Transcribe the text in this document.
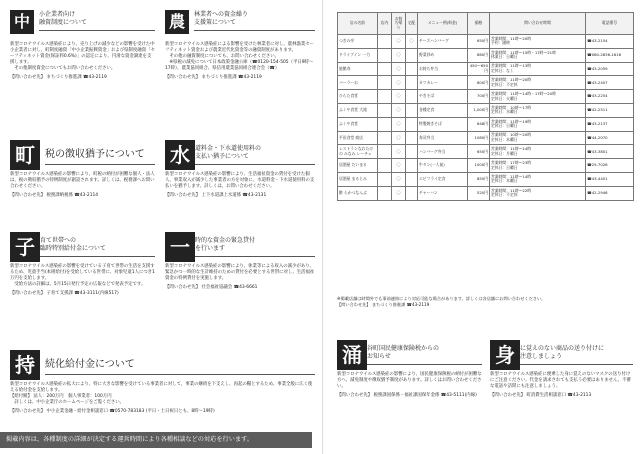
中	小企業者向け
融資制度について
新型コロナウイルス感染症により、売り上げの減少などの影響を受けた中小企業者に対し、町制度融資「中小企業振興資金」および県制度融資「セーフティネット資金(保証料0.6%)」の認定により、円滑な資金調達を支援します。
　その他制度資金についてもお問い合わせください。
【問い合わせ先】 まちづくり推進課 ☎43-2119
農	林業者への資金繰り
支援策について
新型コロナウイルス感染症による影響を受けた林業者に対し、農林漁業セーフティネット資金および農業近代化資金等の融資制度があります。
　その他の融資制度についても、お問い合わせください。
　※県税の減免について日本政策金融公庫（☎0120-154-505（平日9時〜17時）、農業協同組合、県信用農業協同組合連合会（☎）
【問い合わせ先】 まちづくり推進課 ☎43-2119
町	税の徴収猶予について
新型コロナウイルス感染症の影響により、町税の納付が困難な個人・法人は、税の徴収猶予の特例制度が創設されます。詳しくは、税務課へお問い合わせください。
【問い合わせ先】 税務課納税係 ☎43-2114
水 道料金・下水道使用料の
支払い猶予について
新型コロナウイルス感染症の影響により、生活福祉資金の貸付を受けた個人、事業収入が減少した事業者の方を対象に、水道料金・下水道使用料の支払いを猶予します。詳しくは、お問い合わせください。
【問い合わせ先】 上下水道課上水道係 ☎43-2131
子 育て世帯への
臨時特別給付金について
新型コロナウイルス感染症の影響を受けている子育て世帯の生活を支援するため、児童手当(本則給付)を受給している世帯に、対象児童1人につき1万円を支給します。
　受給方法の詳細は、5月15日発行予定の広報などで発表予定です。
【問い合わせ先】 子育て支援課 ☎43-3111(内線517)
一 時的な資金の緊急貸付
を行います
新型コロナウイルス感染症の影響により、休業等による収入の減少があり、緊急かつ一時的な生計維持のための貸付を必要とする世帯に対し、生活福祉資金の特例貸付を実施します。
【問い合わせ先】 社会福祉協議会 ☎43-6661
持	続化給付金について
新型コロナウイルス感染症の拡大により、特に大きな影響を受けている事業者に対して、事業の継続を下支えし、再起の糧とするため、事業全般に広く使える給付金を支給します。
【給付額】 法人：200万円　個人事業者：100万円
　詳しくは、中小企業庁のホームページをご覧ください。
【問い合わせ先】 中小企業金融・給付金相談窓口 ☎0570-783183 (平日・土日祝日とも、8時〜19時)
掲載内容は、各種制度の詳細が決定する運営時間により各種相談などの対応を行います。
店の名前	店内	お持ち帰り	宅配	メニュー例(料金)	価格	問い合わせ時間	電話番号
つきみ亭		〇	〇	チーズハンバーグ	650円	営業時間：11時〜20時
予約：随時	☎43-2154
ドライブイン 一力		〇		野菜炒め	860円	営業時間：11時〜15時・17時〜21時
休業日：日曜日	☎080-2836-1616
旅館寿		〇		お持ち弁当	450〜650円	営業時間：11時〜13時
定休日：なし	☎43-2059
バーラーお		〇		カツカレー	800円	営業時間：11時〜20時
定休日：不定休	☎43-2407
ひらた食堂		〇		やきそば	700円	営業時間：11時〜14時・17時〜20時
定休日：火曜日	☎43-2254
ふくや食堂 大滝		〇		各種定食	1,000円	営業時間：10時〜17時
定休日：水曜日	☎42-2511
ふくや食堂		〇		特製焼きそば	648円	営業時間：11時〜19時
定休日：日曜日	☎43-2137
平田食堂 商店		〇		寿司弁当	1080円	営業時間：10時〜20時
定休日：木曜日	☎44-2070
レストランなわたけの みなみ レーチェ		〇		ハンバーグ弁当	650円	営業時間：11時〜14時
定休日：月曜日	☎43-3801
居酒屋 だいまる		〇		牛タン(一人前)	1000円	営業時間：17時〜23時
定休日：日曜日	☎25-7026
居酒屋 まるとみ		〇		エビフライ定食	850円	営業時間：11時〜14時
定休日：木曜日	☎43-4401
酔 らかつなんぶ		〇		チャーハン	520円	営業時間：11時〜22時
定休日：不定休	☎42-2946
※掲載店舗は時間外でも事前連絡により対応可能な場合があります。詳しくは各店舗にお問い合わせください。
【問い合わせ先】 まちづくり推進課 ☎43-2119
涌 谷町国民健康保険税からの
お知らせ
新型コロナウイルス感染症の影響により、国民健康保険税の納付が困難な方へ、減免制度や徴収猶予制度があります。詳しくはお問い合わせください。
【問い合わせ先】 税務課国保係・福祉課国保年金係 ☎43-5111(内線)
身 に覚えのない商品の送り付けに
注意しましょう
新型コロナウイルス感染症に便乗した身に覚えのないマスクの送り付けにご注意ください。代金を請求されても支払う必要はありません。不審な電話や訪問にも注意しましょう。
【問い合わせ先】 町消費生活相談窓口 ☎43-2113
